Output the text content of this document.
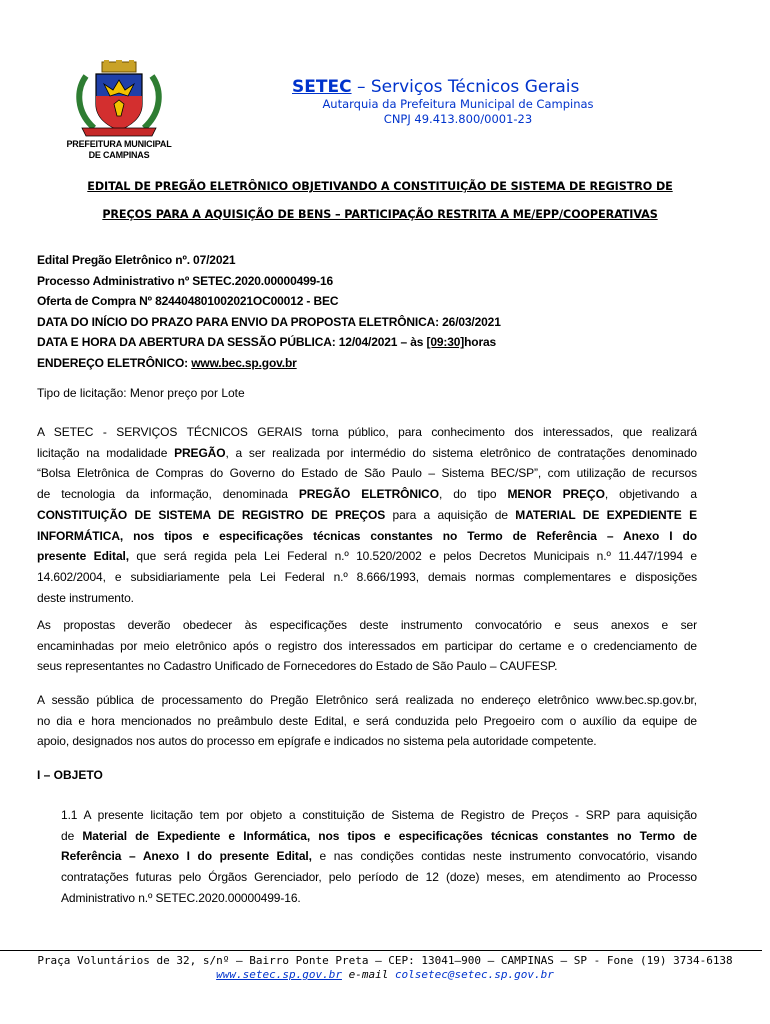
PREFEITURA MUNICIPAL
DE CAMPINAS
SETEC – Serviços Técnicos Gerais
Autarquia da Prefeitura Municipal de Campinas
CNPJ 49.413.800/0001-23
EDITAL DE PREGÃO ELETRÔNICO OBJETIVANDO A CONSTITUIÇÃO DE SISTEMA DE REGISTRO DE
PREÇOS PARA A AQUISIÇÃO DE BENS – PARTICIPAÇÃO RESTRITA A ME/EPP/COOPERATIVAS
Edital Pregão Eletrônico nº. 07/2021
Processo Administrativo nº SETEC.2020.00000499-16
Oferta de Compra Nº 824404801002021OC00012 - BEC
DATA DO INÍCIO DO PRAZO PARA ENVIO DA PROPOSTA ELETRÔNICA: 26/03/2021
DATA E HORA DA ABERTURA DA SESSÃO PÚBLICA: 12/04/2021 – às [09:30]horas
ENDEREÇO ELETRÔNICO: www.bec.sp.gov.br
Tipo de licitação: Menor preço por Lote
A SETEC - SERVIÇOS TÉCNICOS GERAIS torna público, para conhecimento dos interessados, que realizará
licitação na modalidade PREGÃO, a ser realizada por intermédio do sistema eletrônico de contratações denominado
“Bolsa Eletrônica de Compras do Governo do Estado de São Paulo – Sistema BEC/SP”, com utilização de recursos
de tecnologia da informação, denominada PREGÃO ELETRÔNICO, do tipo MENOR PREÇO, objetivando a
CONSTITUIÇÃO DE SISTEMA DE REGISTRO DE PREÇOS para a aquisição de MATERIAL DE EXPEDIENTE E
INFORMÁTICA, nos tipos e especificações técnicas constantes no Termo de Referência – Anexo I do
presente Edital, que será regida pela Lei Federal n.º 10.520/2002 e pelos Decretos Municipais n.º 11.447/1994 e
14.602/2004, e subsidiariamente pela Lei Federal n.º 8.666/1993, demais normas complementares e disposições
deste instrumento.
As propostas deverão obedecer às especificações deste instrumento convocatório e seus anexos e ser
encaminhadas por meio eletrônico após o registro dos interessados em participar do certame e o credenciamento de
seus representantes no Cadastro Unificado de Fornecedores do Estado de São Paulo – CAUFESP.
A sessão pública de processamento do Pregão Eletrônico será realizada no endereço eletrônico www.bec.sp.gov.br,
no dia e hora mencionados no preâmbulo deste Edital, e será conduzida pelo Pregoeiro com o auxílio da equipe de
apoio, designados nos autos do processo em epígrafe e indicados no sistema pela autoridade competente.
I – OBJETO
1.1 A presente licitação tem por objeto a constituição de Sistema de Registro de Preços - SRP para aquisição
de Material de Expediente e Informática, nos tipos e especificações técnicas constantes no Termo de
Referência – Anexo I do presente Edital, e nas condições contidas neste instrumento convocatório, visando
contratações futuras pelo Órgãos Gerenciador, pelo período de 12 (doze) meses, em atendimento ao Processo
Administrativo n.º SETEC.2020.00000499-16.
Praça Voluntários de 32, s/nº – Bairro Ponte Preta – CEP: 13041–900 – CAMPINAS – SP - Fone (19) 3734-6138
www.setec.sp.gov.br e-mail colsetec@setec.sp.gov.br
